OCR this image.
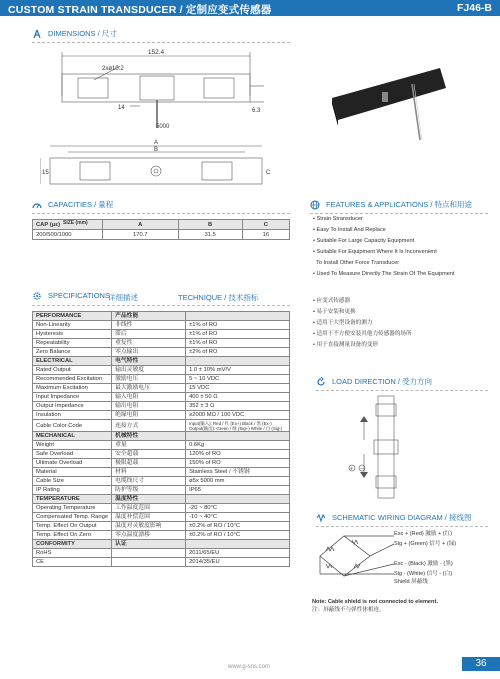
CUSTOM STRAIN TRANSDUCER / 定制应变式传感器	FJ46-B
DIMENSIONS / 尺寸
152.4
2xø10.2
14	6.3
5000
A
B
C
15
CAPACITIES / 量程
CAP (μɛ) SIZE (mm)	A	B	C
200/500/1000	170.7	31.5	16
SPECIFICATIONS
详细描述	TECHNIQUE / 技术指标
PERFORMANCE	产品性能	
Non-Linearity	非线性	±1% of RO
Hysteresis	滞后	±1% of RO
Repeatability	重复性	±1% of RO
Zero Balance	零点输出	±2% of RO
ELECTRICAL	电气特性	
Rated Output	输出灵敏度	1.0 ± 10% mV/V
Recommended Excitation	激励电压	5 ~ 10 VDC
Maximum Excitation	最大激励电压	15 VDC
Input Impedance	输入电阻	400 ± 50 Ω
Output Impedance	输出电阻	352 ± 3 Ω
Insulation	绝缘电阻	≥2000 MΩ / 100 VDC
Cable Color Code	连接方式	Input(输入): Red / 红 (Ex+) Black / 黑 (Ex-)
Output(输出): Green / 绿 (Sig+) White / 白 (Sig-)

MECHANICAL	机械特性	
Weight	重量	0.6Kg
Safe Overload	安全超载	120% of RO
Ultimate Overload	极限超载	150% of RO
Material	材料	Stainless Steel / 不锈钢
Cable Size	电缆线尺寸	ø5x 5000 mm
IP Rating	防护等级	IP65
TEMPERATURE	温度特性	
Operating Temperature	工作温度范围	-20 ~ 80°C
Compensated Temp. Range	温度补偿范围	-10 ~ 40°C
Temp. Effect On Output	温度对灵敏度影响	±0.2% of RO / 10°C
Temp. Effect On Zero	零点温度漂移	±0.2% of RO / 10°C
CONFORMITY	认证	
RoHS		2011/65/EU
CE		2014/35/EU
FEATURES & APPLICATIONS / 特点和用途
• Strain Stransducer
• Easy To Install And Replace
• Suitable For Large Capacity Equipment
• Suitable For Equipment Where It Is Inconvenient
To Install Other Force Transducer
• Used To Measure Directly The Strain Of The Equipment
• 应变式传感器
• 易于安装和更换
• 适用于大型设备的测力
• 适用于不方便安装其他力传感器的场所
• 用于直接测量设备的变形
LOAD DIRECTION / 受力方向
+ −
SCHEMATIC WIRING DIAGRAM / 接线图
Exc + (Red) 激励 + (红)
Sig + (Green) 信号 + (绿)
Exc - (Black) 激励 - (黑)
Sig - (White) 信号 - (白)
Shield 屏蔽线
Note: Cable shield is not connected to element.
注：屏蔽线不与弹性体相连。
www.g-sns.com	36
